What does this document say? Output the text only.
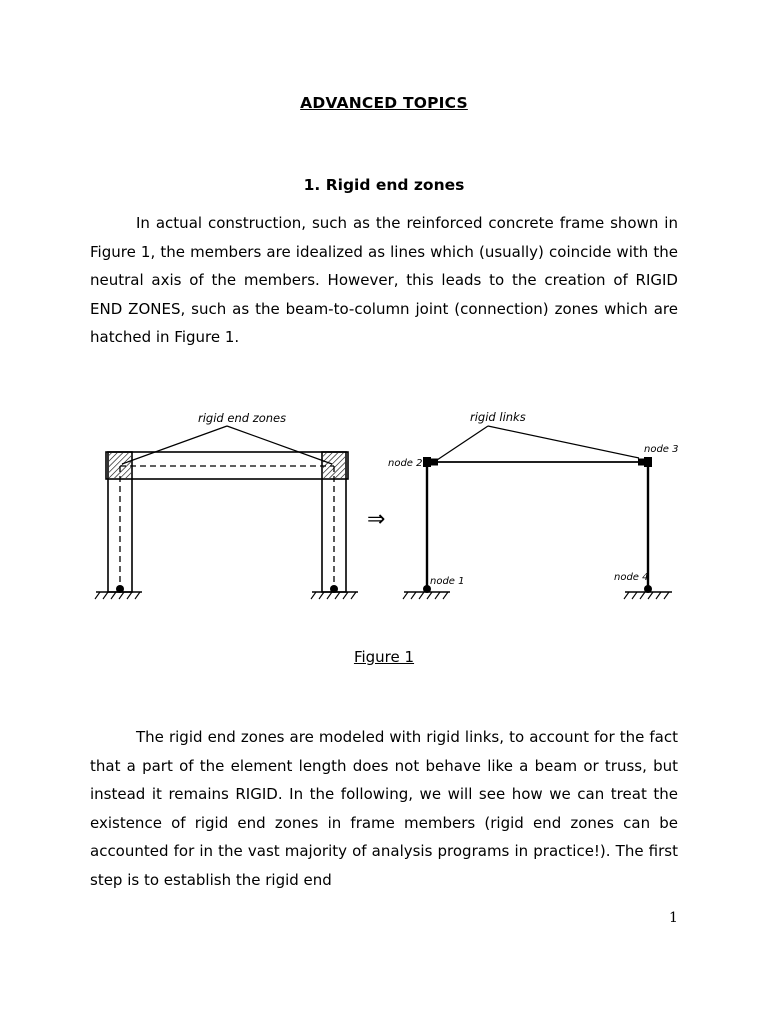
ADVANCED TOPICS
1. Rigid end zones

In actual construction, such as the reinforced concrete frame shown in Figure 1, the members are idealized as lines which (usually) coincide with the neutral axis of the members. However, this leads to the creation of RIGID END ZONES, such as the beam-to-column joint (connection) zones which are hatched in Figure 1.

rigid end zones
⇒
rigid links
node 2
node 3
node 1	node 4
Figure 1

The rigid end zones are modeled with rigid links, to account for the fact that a part of the element length does not behave like a beam or truss, but instead it remains RIGID. In the following, we will see how we can treat the existence of rigid end zones in frame members (rigid end zones can be accounted for in the vast majority of analysis programs in practice!). The first step is to establish the rigid end

1
